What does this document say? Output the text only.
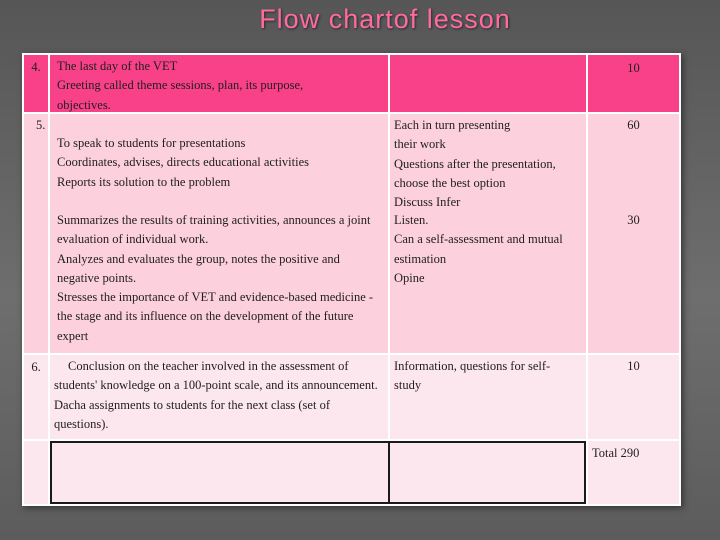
Flow chartof lesson
4.	The last day of the VET
Greeting called theme sessions, plan, its purpose, objectives.
10
5.
To speak to students for presentations
Coordinates, advises, directs educational activities
Reports its solution to the problem
Each in turn presenting their work
Questions after the presentation, choose the best option
Discuss Infer
60
Summarizes the results of training activities, announces a joint evaluation of individual work.
Analyzes and evaluates the group, notes the positive and negative points.
Stresses the importance of VET and evidence-based medicine - the stage and its influence on the development of the future expert
Listen.
Can a self-assessment and mutual estimation
Opine
30
6.	Conclusion on the teacher involved in the assessment of students' knowledge on a 100-point scale, and its announcement. Dacha assignments to students for the next class (set of questions).
Information, questions for self-study
10
Total 290
